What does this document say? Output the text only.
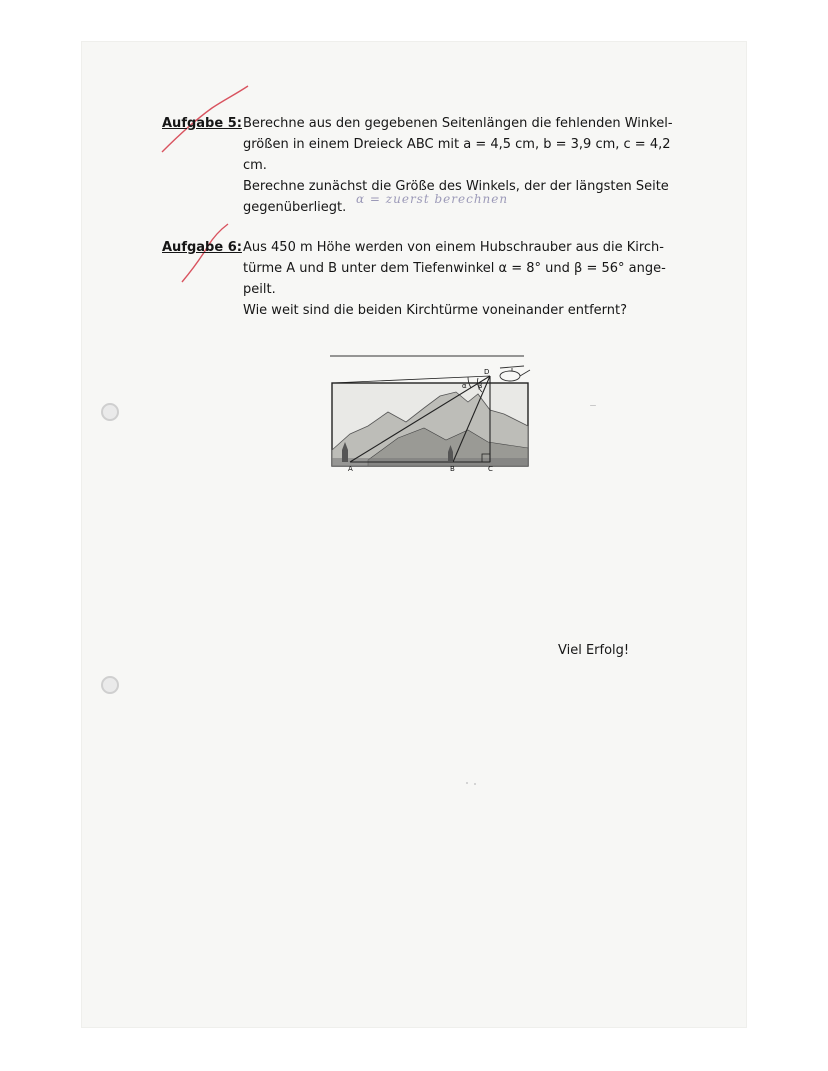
Aufgabe 5: Berechne aus den gegebenen Seitenlängen die fehlenden Winkel-

größen in einem Dreieck ABC mit a = 4,5 cm, b = 3,9 cm, c = 4,2 cm.

Berechne zunächst die Größe des Winkels, der der längsten Seite

gegenüberliegt.

α = zuerst berechnen
Aufgabe 6: Aus 450 m Höhe werden von einem Hubschrauber aus die Kirch-

türme A und B unter dem Tiefenwinkel α = 8° und β = 56° ange-

peilt.

Wie weit sind die beiden Kirchtürme voneinander entfernt?

A	B	C
D
α β
Viel Erfolg!
